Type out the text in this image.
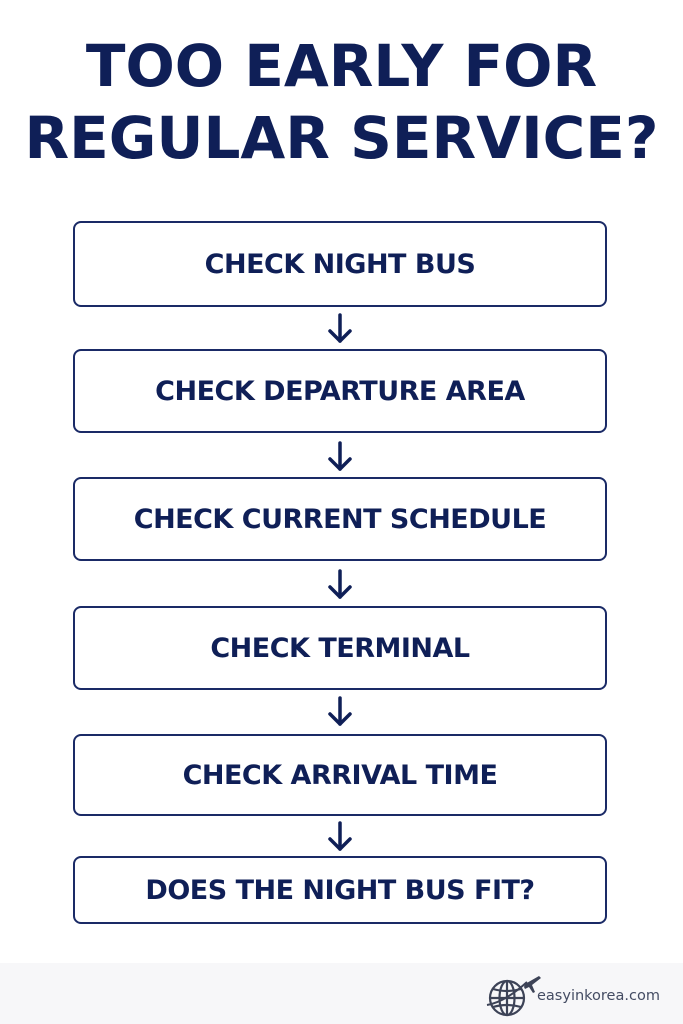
TOO EARLY FOR
REGULAR SERVICE?
CHECK NIGHT BUS
CHECK DEPARTURE AREA
CHECK CURRENT SCHEDULE
CHECK TERMINAL
CHECK ARRIVAL TIME
DOES THE NIGHT BUS FIT?
easyinkorea.com
